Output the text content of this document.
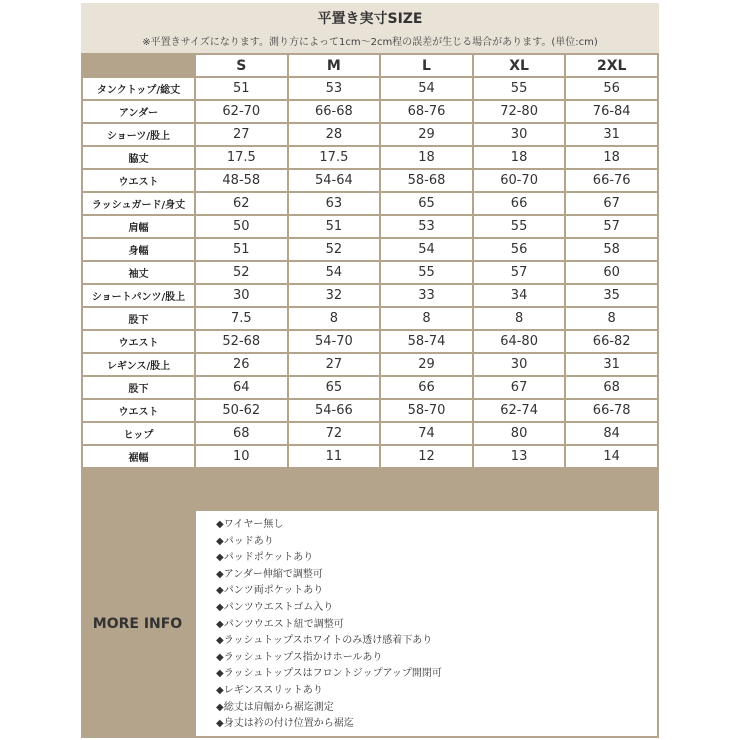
平置き実寸SIZE
※平置きサイズになります。測り方によって1cm～2cm程の誤差が生じる場合があります。(単位:cm)
	S	M	L	XL	2XL
タンクトップ/総丈	51	53	54	55	56
アンダー	62-70	66-68	68-76	72-80	76-84
ショーツ/股上	27	28	29	30	31
脇丈	17.5	17.5	18	18	18
ウエスト	48-58	54-64	58-68	60-70	66-76
ラッシュガード/身丈	62	63	65	66	67
肩幅	50	51	53	55	57
身幅	51	52	54	56	58
袖丈	52	54	55	57	60
ショートパンツ/股上	30	32	33	34	35
股下	7.5	8	8	8	8
ウエスト	52-68	54-70	58-74	64-80	66-82
レギンス/股上	26	27	29	30	31
股下	64	65	66	67	68
ウエスト	50-62	54-66	58-70	62-74	66-78
ヒップ	68	72	74	80	84
裾幅	10	11	12	13	14
MORE INFO
◆ワイヤー無し
◆パッドあり
◆パッドポケットあり
◆アンダー伸縮で調整可
◆パンツ両ポケットあり
◆パンツウエストゴム入り
◆パンツウエスト紐で調整可
◆ラッシュトップスホワイトのみ透け感着下あり
◆ラッシュトップス指かけホールあり
◆ラッシュトップスはフロントジップアップ開閉可
◆レギンススリットあり
◆総丈は肩幅から裾迄測定
◆身丈は衿の付け位置から裾迄
